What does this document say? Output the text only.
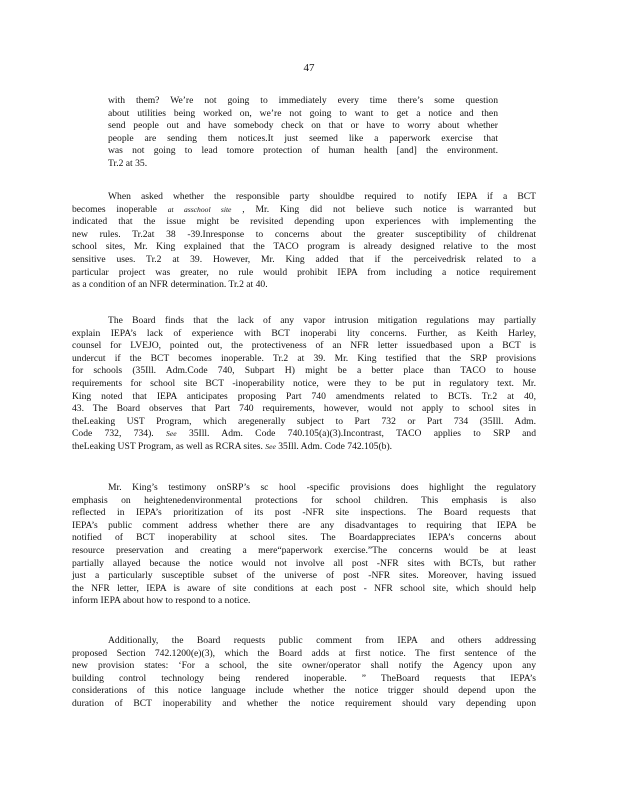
47
with them? We’re not going to immediately every time there’s some question
about utilities being worked on, we’re not going to want to get a notice and then
send people out and have somebody check on that or have to worry about whether
people are sending them notices.It just seemed like a paperwork exercise that
was not going to lead tomore protection of human health [and] the environment.
Tr.2 at 35.
When asked whether the responsible party shouldbe required to notify IEPA if a BCT
becomes inoperable at asschool site , Mr. King did not believe such notice is warranted but
indicated that the issue might be revisited depending upon experiences with implementing the
new rules. Tr.2at 38 -39.Inresponse to concerns about the greater susceptibility of childrenat
school sites, Mr. King explained that the TACO program is already designed relative to the most
sensitive uses. Tr.2 at 39. However, Mr. King added that if the perceivedrisk related to a
particular project was greater, no rule would prohibit IEPA from including a notice requirement
as a condition of an NFR determination. Tr.2 at 40.
The Board finds that the lack of any vapor intrusion mitigation regulations may partially
explain IEPA’s lack of experience with BCT inoperabi lity concerns. Further, as Keith Harley,
counsel for LVEJO, pointed out, the protectiveness of an NFR letter issuedbased upon a BCT is
undercut if the BCT becomes inoperable. Tr.2 at 39. Mr. King testified that the SRP provisions
for schools (35Ill. Adm.Code 740, Subpart H) might be a better place than TACO to house
requirements for school site BCT -inoperability notice, were they to be put in regulatory text. Mr.
King noted that IEPA anticipates proposing Part 740 amendments related to BCTs. Tr.2 at 40,
43. The Board observes that Part 740 requirements, however, would not apply to school sites in
theLeaking UST Program, which aregenerally subject to Part 732 or Part 734 (35Ill. Adm.
Code 732, 734). See 35Ill. Adm. Code 740.105(a)(3).Incontrast, TACO applies to SRP and
theLeaking UST Program, as well as RCRA sites. See 35Ill. Adm. Code 742.105(b).
Mr. King’s testimony onSRP’s sc hool -specific provisions does highlight the regulatory
emphasis on heightenedenvironmental protections for school children. This emphasis is also
reflected in IEPA’s prioritization of its post -NFR site inspections. The Board requests that
IEPA’s public comment address whether there are any disadvantages to requiring that IEPA be
notified of BCT inoperability at school sites. The Boardappreciates IEPA’s concerns about
resource preservation and creating a mere“paperwork exercise.”The concerns would be at least
partially allayed because the notice would not involve all post -NFR sites with BCTs, but rather
just a particularly susceptible subset of the universe of post -NFR sites. Moreover, having issued
the NFR letter, IEPA is aware of site conditions at each post - NFR school site, which should help
inform IEPA about how to respond to a notice.
Additionally, the Board requests public comment from IEPA and others addressing
proposed Section 742.1200(e)(3), which the Board adds at first notice. The first sentence of the
new provision states: ‘For a school, the site owner/operator shall notify the Agency upon any
building control technology being rendered inoperable. ” TheBoard requests that IEPA’s
considerations of this notice language include whether the notice trigger should depend upon the
duration of BCT inoperability and whether the notice requirement should vary depending upon
